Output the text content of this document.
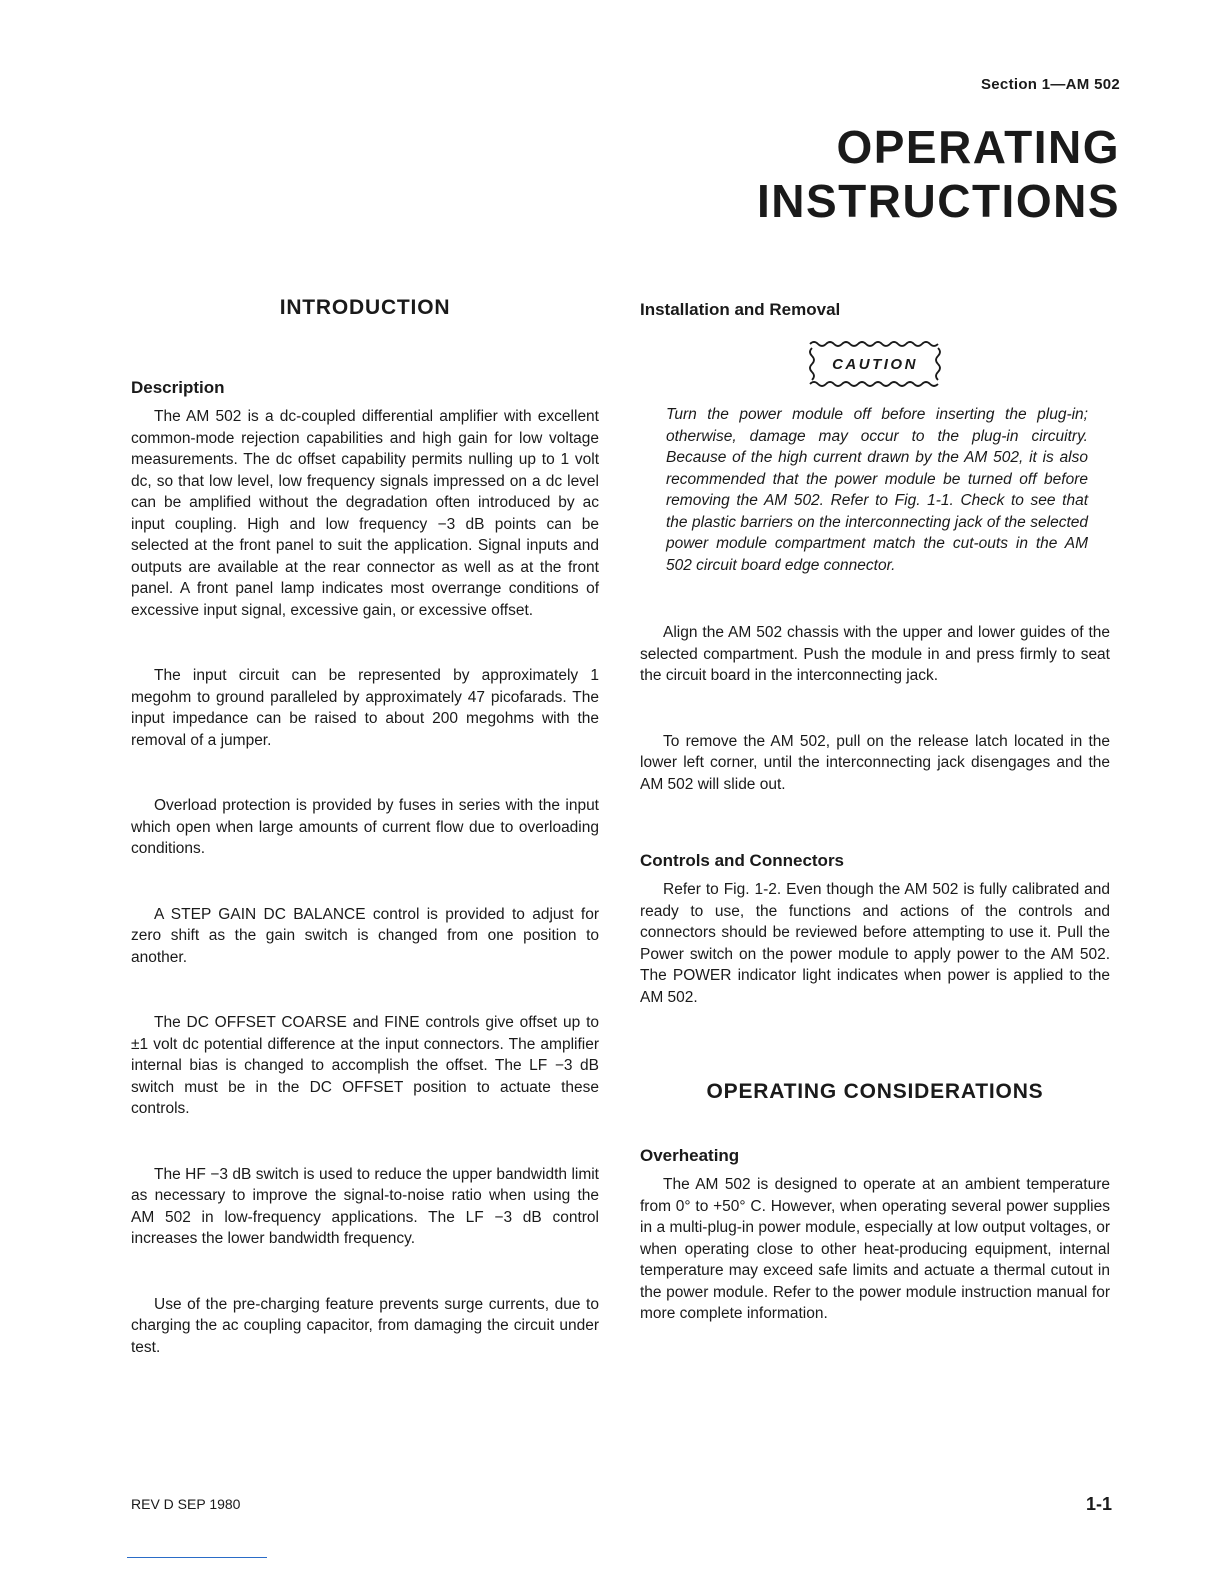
Section 1—AM 502
OPERATING
INSTRUCTIONS
INTRODUCTION
Description

The AM 502 is a dc-coupled differential amplifier with excellent common-mode rejection capabilities and high gain for low voltage measurements. The dc offset capability permits nulling up to 1 volt dc, so that low level, low frequency signals impressed on a dc level can be amplified without the degradation often introduced by ac input coupling. High and low frequency −3 dB points can be selected at the front panel to suit the application. Signal inputs and outputs are available at the rear connector as well as at the front panel. A front panel lamp indicates most overrange conditions of excessive input signal, excessive gain, or excessive offset.

The input circuit can be represented by approximately 1 megohm to ground paralleled by approximately 47 picofarads. The input impedance can be raised to about 200 megohms with the removal of a jumper.

Overload protection is provided by fuses in series with the input which open when large amounts of current flow due to overloading conditions.

A STEP GAIN DC BALANCE control is provided to adjust for zero shift as the gain switch is changed from one position to another.

The DC OFFSET COARSE and FINE controls give offset up to ±1 volt dc potential difference at the input connectors. The amplifier internal bias is changed to accomplish the offset. The LF −3 dB switch must be in the DC OFFSET position to actuate these controls.

The HF −3 dB switch is used to reduce the upper bandwidth limit as necessary to improve the signal-to-noise ratio when using the AM 502 in low-frequency applications. The LF −3 dB control increases the lower bandwidth frequency.

Use of the pre-charging feature prevents surge currents, due to charging the ac coupling capacitor, from damaging the circuit under test.

Installation and Removal
CAUTION

Turn the power module off before inserting the plug-in; otherwise, damage may occur to the plug-in circuitry. Because of the high current drawn by the AM 502, it is also recommended that the power module be turned off before removing the AM 502. Refer to Fig. 1-1. Check to see that the plastic barriers on the interconnecting jack of the selected power module compartment match the cut-outs in the AM 502 circuit board edge connector.

Align the AM 502 chassis with the upper and lower guides of the selected compartment. Push the module in and press firmly to seat the circuit board in the interconnecting jack.

To remove the AM 502, pull on the release latch located in the lower left corner, until the interconnecting jack disengages and the AM 502 will slide out.

Controls and Connectors

Refer to Fig. 1-2. Even though the AM 502 is fully calibrated and ready to use, the functions and actions of the controls and connectors should be reviewed before attempting to use it. Pull the Power switch on the power module to apply power to the AM 502. The POWER indicator light indicates when power is applied to the AM 502.

OPERATING CONSIDERATIONS
Overheating

The AM 502 is designed to operate at an ambient temperature from 0° to +50° C. However, when operating several power supplies in a multi-plug-in power module, especially at low output voltages, or when operating close to other heat-producing equipment, internal temperature may exceed safe limits and actuate a thermal cutout in the power module. Refer to the power module instruction manual for more complete information.

REV D SEP 1980	1-1
